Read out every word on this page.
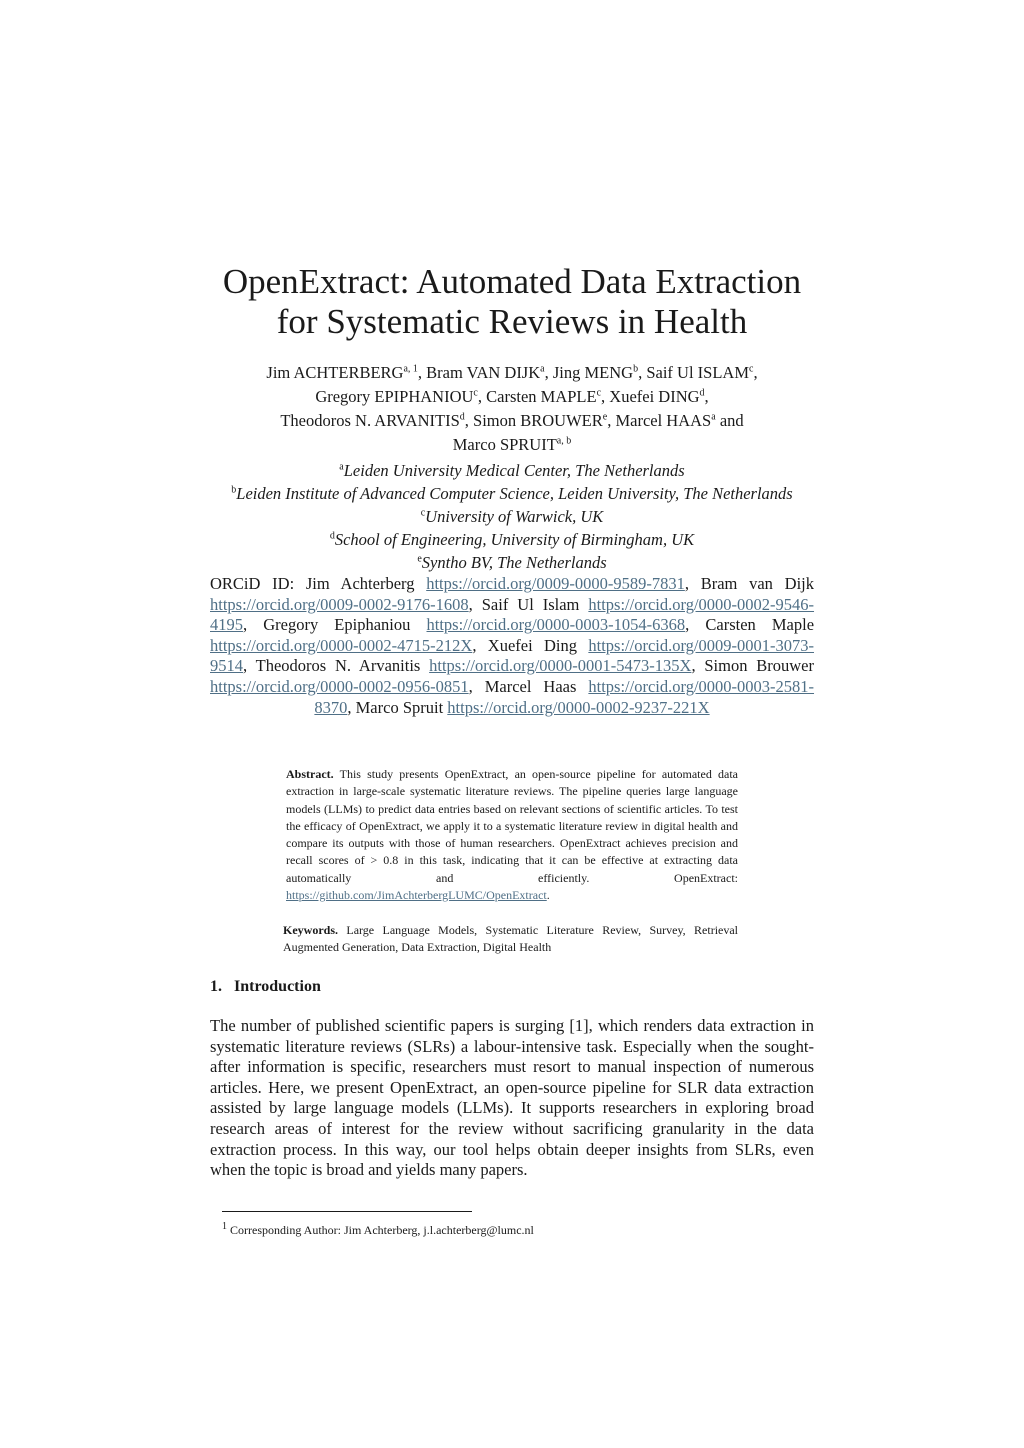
OpenExtract: Automated Data Extraction
for Systematic Reviews in Health
Jim ACHTERBERG$^{a, 1}$, Bram VAN DIJK$^a$, Jing MENG$^b$, Saif Ul ISLAM$^c$,
Gregory EPIPHANIOU$^c$, Carsten MAPLE$^c$, Xuefei DING$^d$,
Theodoros N. ARVANITIS$^d$, Simon BROUWER$^e$, Marcel HAAS$^a$ and
Marco SPRUIT$^{a, b}$
$^a$Leiden University Medical Center, The Netherlands
$^b$Leiden Institute of Advanced Computer Science, Leiden University, The Netherlands
$^c$University of Warwick, UK
$^d$School of Engineering, University of Birmingham, UK
$^e$Syntho BV, The Netherlands
ORCiD ID: Jim Achterberg https://orcid.org/0009-0000-9589-7831, Bram van Dijk https://orcid.org/0009-0002-9176-1608, Saif Ul Islam https://orcid.org/0000-0002-9546-4195, Gregory Epiphaniou https://orcid.org/0000-0003-1054-6368, Carsten Maple https://orcid.org/0000-0002-4715-212X, Xuefei Ding https://orcid.org/0009-0001-3073-9514, Theodoros N. Arvanitis https://orcid.org/0000-0001-5473-135X, Simon Brouwer https://orcid.org/0000-0002-0956-0851, Marcel Haas https://orcid.org/0000-0003-2581-8370, Marco Spruit https://orcid.org/0000-0002-9237-221X
Abstract. This study presents OpenExtract, an open-source pipeline for automated data extraction in large-scale systematic literature reviews. The pipeline queries large language models (LLMs) to predict data entries based on relevant sections of scientific articles. To test the efficacy of OpenExtract, we apply it to a systematic literature review in digital health and compare its outputs with those of human researchers. OpenExtract achieves precision and recall scores of > 0.8 in this task, indicating that it can be effective at extracting data automatically and efficiently. OpenExtract: https://github.com/JimAchterbergLUMC/OpenExtract.
Keywords. Large Language Models, Systematic Literature Review, Survey, Retrieval Augmented Generation, Data Extraction, Digital Health
1. Introduction
The number of published scientific papers is surging [1], which renders data extraction in systematic literature reviews (SLRs) a labour-intensive task. Especially when the sought-after information is specific, researchers must resort to manual inspection of numerous articles. Here, we present OpenExtract, an open-source pipeline for SLR data extraction assisted by large language models (LLMs). It supports researchers in exploring broad research areas of interest for the review without sacrificing granularity in the data extraction process. In this way, our tool helps obtain deeper insights from SLRs, even when the topic is broad and yields many papers.
$^1$ Corresponding Author: Jim Achterberg, j.l.achterberg@lumc.nl
